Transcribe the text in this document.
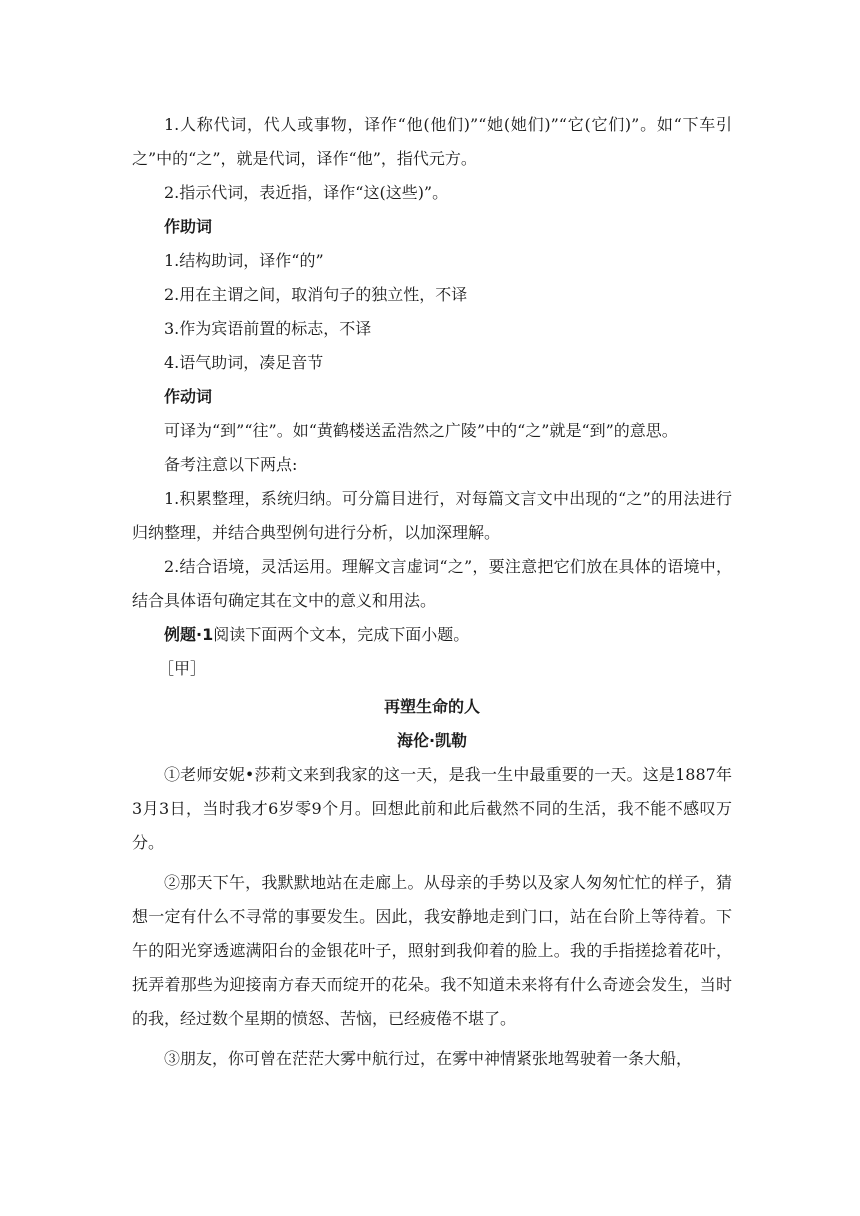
1.人称代词，代人或事物，译作“他(他们)”“她(她们)”“它(它们)”。如“下车引之”中的“之”，就是代词，译作“他”，指代元方。

2.指示代词，表近指，译作“这(这些)”。

作助词

1.结构助词，译作“的”

2.用在主谓之间，取消句子的独立性，不译

3.作为宾语前置的标志，不译

4.语气助词，凑足音节

作动词

可译为“到”“往”。如“黄鹤楼送孟浩然之广陵”中的“之”就是“到”的意思。

备考注意以下两点:

1.积累整理，系统归纳。可分篇目进行，对每篇文言文中出现的“之”的用法进行归纳整理，并结合典型例句进行分析，以加深理解。

2.结合语境，灵活运用。理解文言虚词“之”，要注意把它们放在具体的语境中，结合具体语句确定其在文中的意义和用法。

例题·1阅读下面两个文本，完成下面小题。

［甲］

再塑生命的人

海伦·凯勒

①老师安妮•莎莉文来到我家的这一天，是我一生中最重要的一天。这是1887年3月3日，当时我才6岁零9个月。回想此前和此后截然不同的生活，我不能不感叹万分。

②那天下午，我默默地站在走廊上。从母亲的手势以及家人匆匆忙忙的样子，猜想一定有什么不寻常的事要发生。因此，我安静地走到门口，站在台阶上等待着。下午的阳光穿透遮满阳台的金银花叶子，照射到我仰着的脸上。我的手指搓捻着花叶，抚弄着那些为迎接南方春天而绽开的花朵。我不知道未来将有什么奇迹会发生，当时的我，经过数个星期的愤怒、苦恼，已经疲倦不堪了。

③朋友，你可曾在茫茫大雾中航行过，在雾中神情紧张地驾驶着一条大船，
